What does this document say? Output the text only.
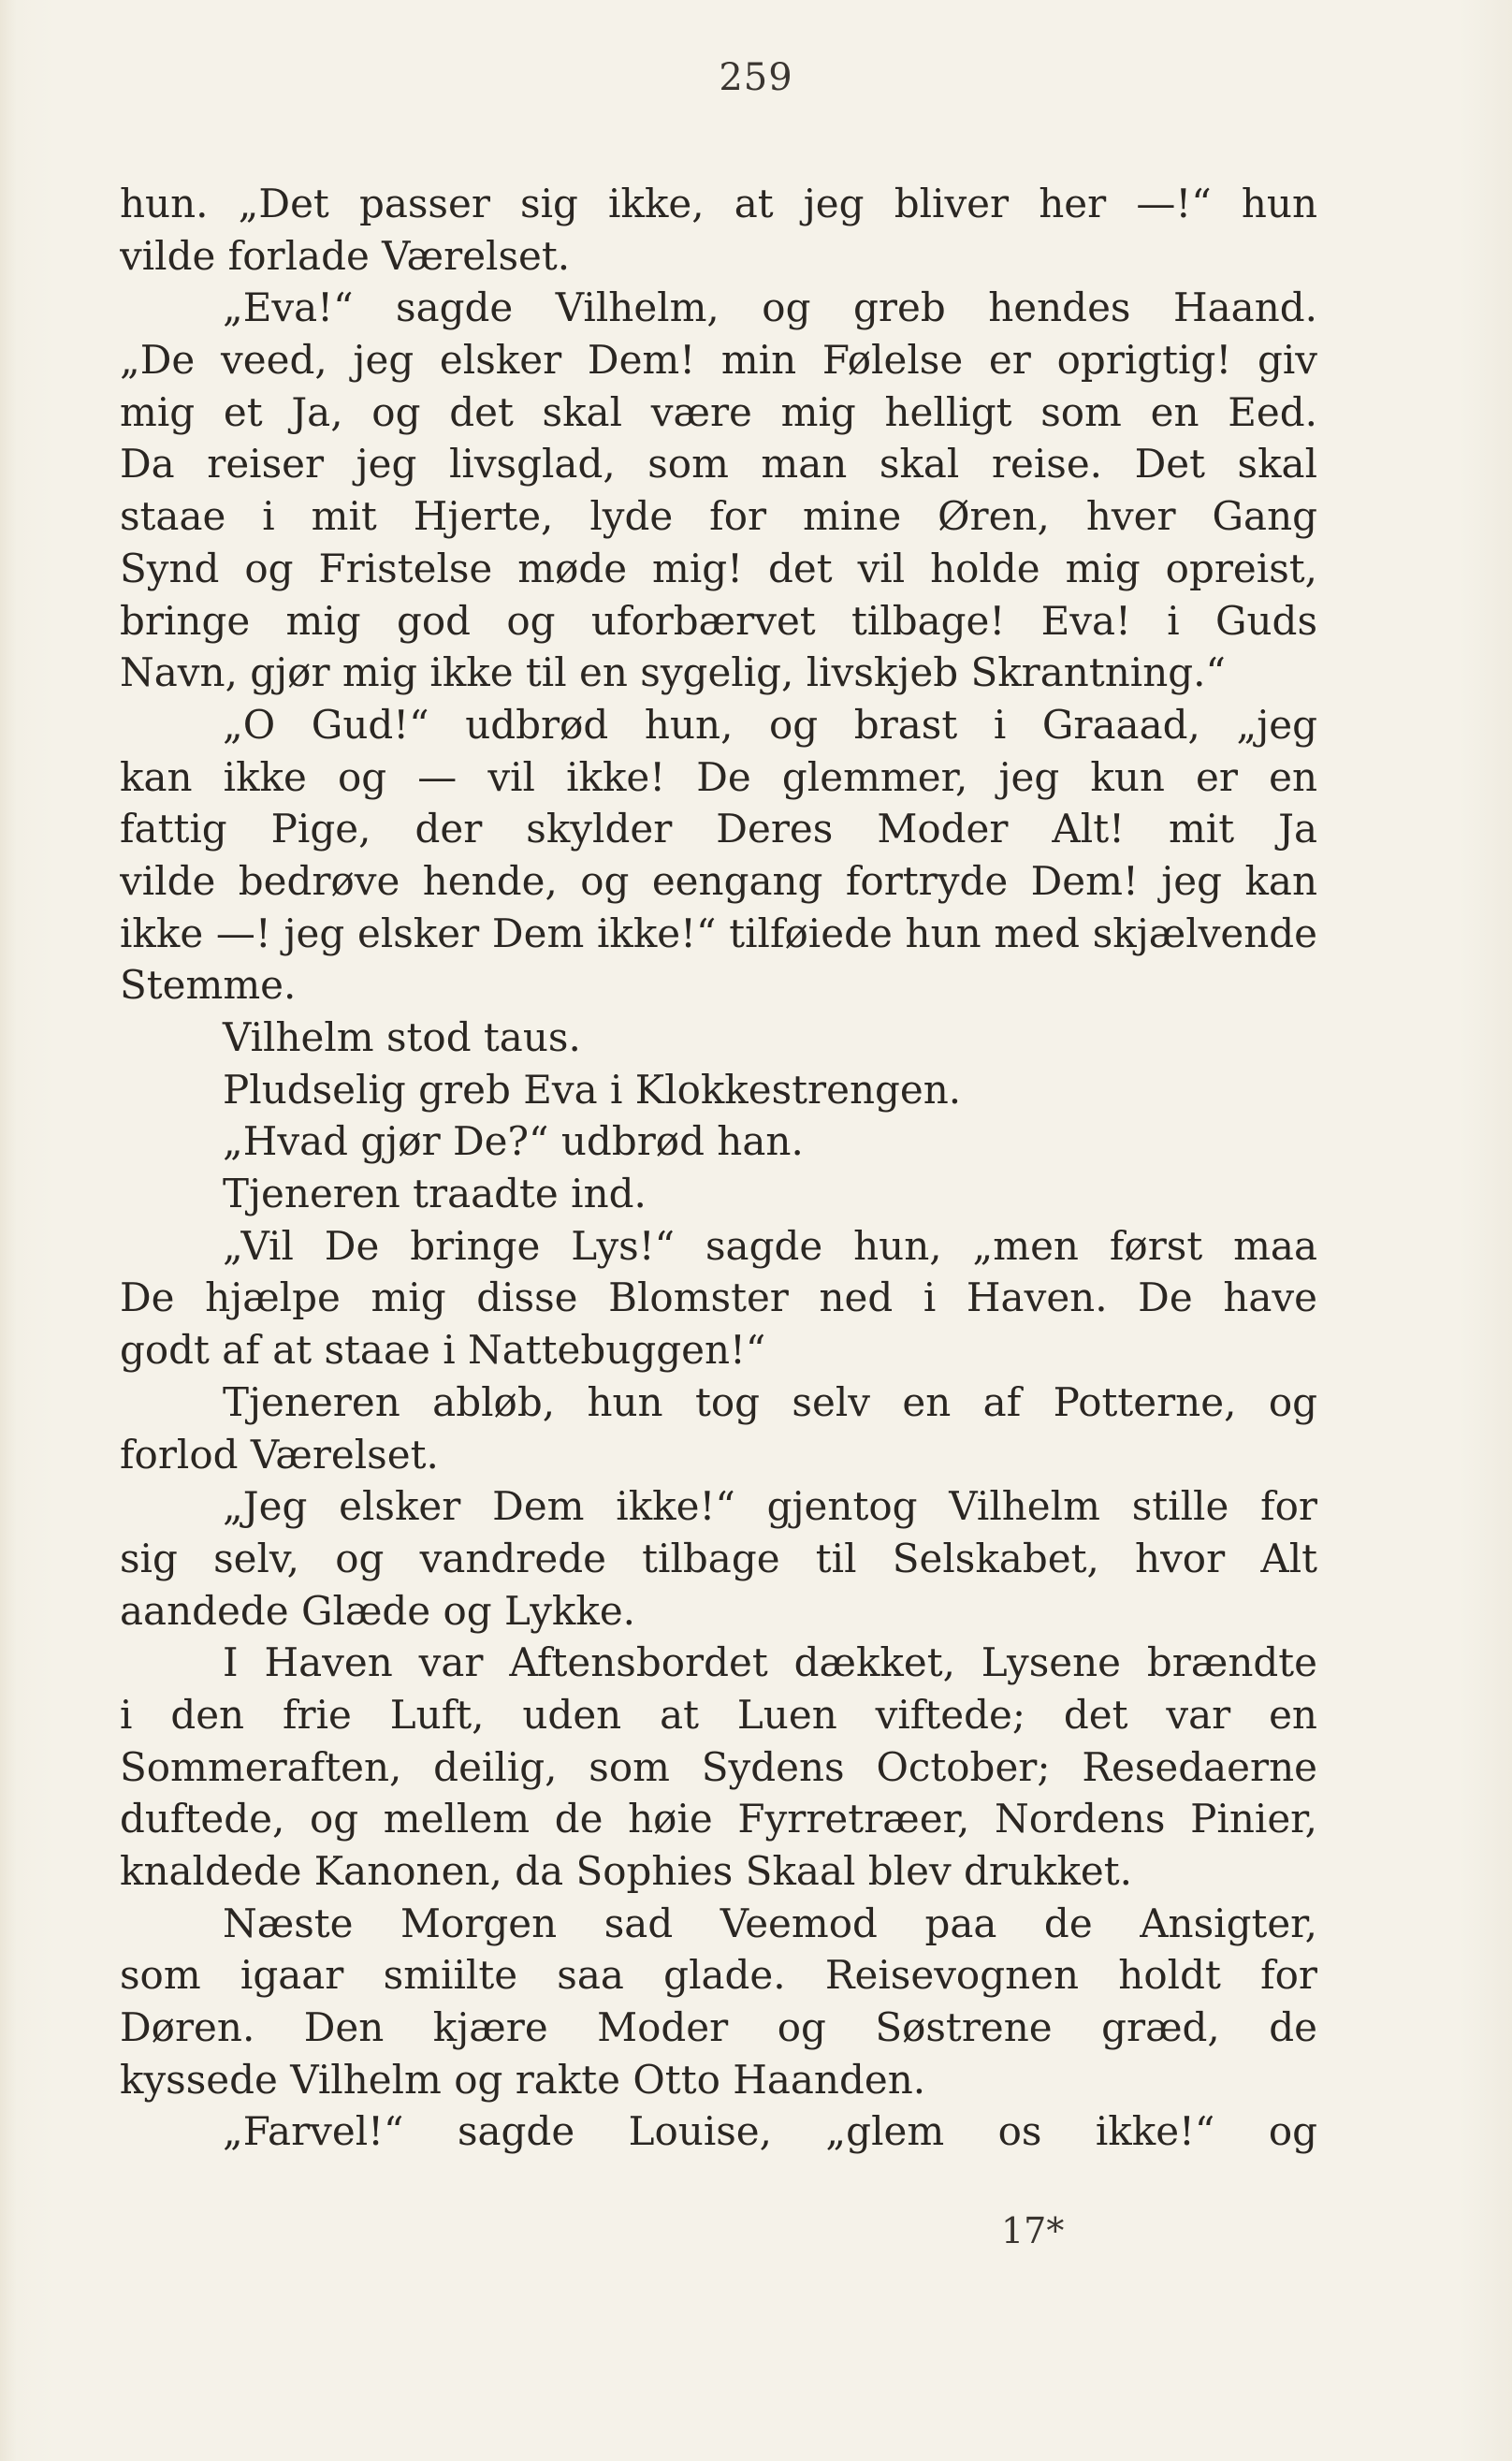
259
hun. „Det passer sig ikke, at jeg bliver her —!“ hun
vilde forlade Værelset.
„Eva!“ sagde Vilhelm, og greb hendes Haand.
„De veed, jeg elsker Dem! min Følelse er oprigtig! giv
mig et Ja, og det skal være mig helligt som en Eed.
Da reiser jeg livsglad, som man skal reise. Det skal
staae i mit Hjerte, lyde for mine Øren, hver Gang
Synd og Fristelse møde mig! det vil holde mig opreist,
bringe mig god og uforbærvet tilbage! Eva! i Guds
Navn, gjør mig ikke til en sygelig, livskjeb Skrantning.“
„O Gud!“ udbrød hun, og brast i Graaad, „jeg
kan ikke og — vil ikke! De glemmer, jeg kun er en
fattig Pige, der skylder Deres Moder Alt! mit Ja
vilde bedrøve hende, og eengang fortryde Dem! jeg kan
ikke —! jeg elsker Dem ikke!“ tilføiede hun med skjælvende
Stemme.
Vilhelm stod taus.
Pludselig greb Eva i Klokkestrengen.
„Hvad gjør De?“ udbrød han.
Tjeneren traadte ind.
„Vil De bringe Lys!“ sagde hun, „men først maa
De hjælpe mig disse Blomster ned i Haven. De have
godt af at staae i Nattebuggen!“
Tjeneren abløb, hun tog selv en af Potterne, og
forlod Værelset.
„Jeg elsker Dem ikke!“ gjentog Vilhelm stille for
sig selv, og vandrede tilbage til Selskabet, hvor Alt
aandede Glæde og Lykke.
I Haven var Aftensbordet dækket, Lysene brændte
i den frie Luft, uden at Luen viftede; det var en
Sommeraften, deilig, som Sydens October; Resedaerne
duftede, og mellem de høie Fyrretræer, Nordens Pinier,
knaldede Kanonen, da Sophies Skaal blev drukket.
Næste Morgen sad Veemod paa de Ansigter,
som igaar smiilte saa glade. Reisevognen holdt for
Døren. Den kjære Moder og Søstrene græd, de
kyssede Vilhelm og rakte Otto Haanden.
„Farvel!“ sagde Louise, „glem os ikke!“ og
17*
